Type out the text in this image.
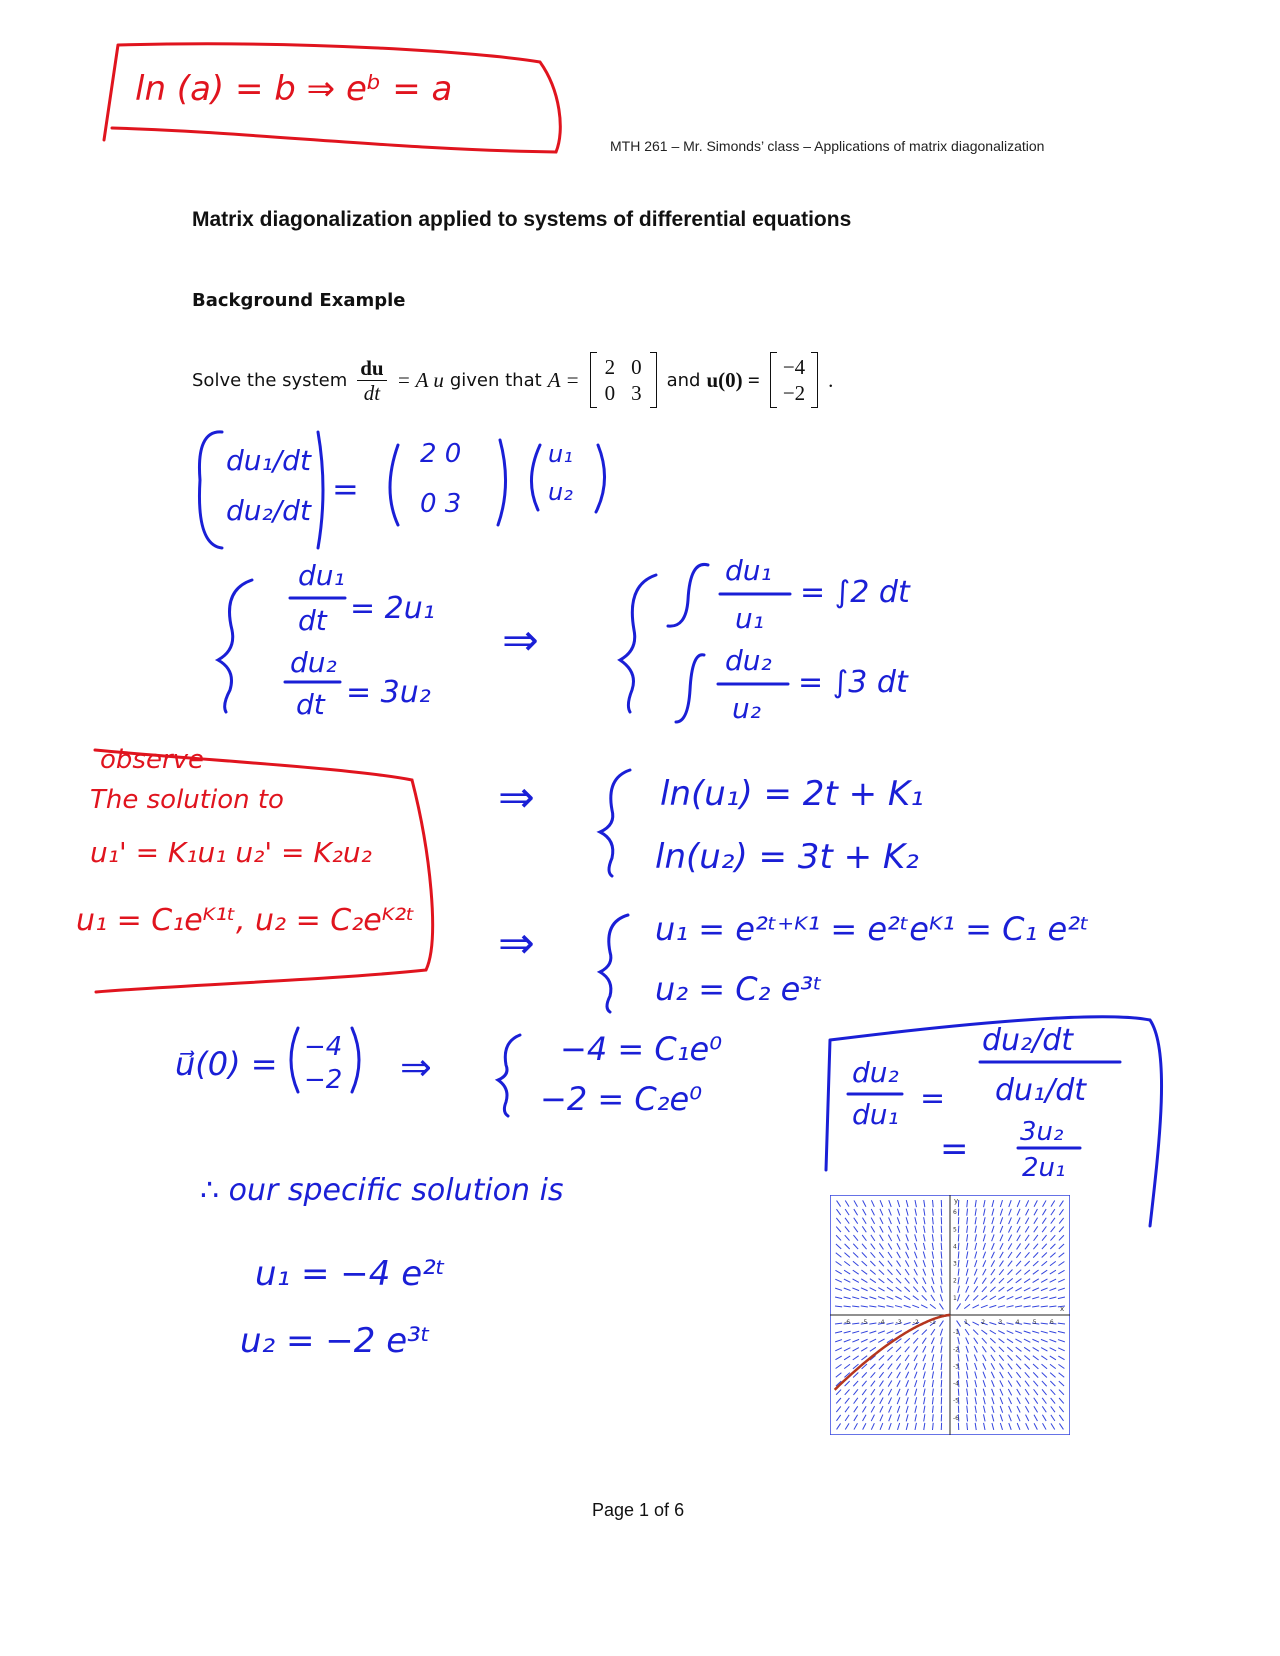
MTH 261 – Mr. Simonds’ class – Applications of matrix diagonalization
Matrix diagonalization applied to systems of differential equations
Background Example
Solve the system $\frac{du}{dt} = A$ u given that A =
2 0
0 3
and u(0) =
−4
−2
.
ln (a) = b ⇒ eᵇ = a
du₁/dt
du₂/dt
=
2 0
0 3
u₁
u₂
du₁
dt = 2u₁
du₂
dt = 3u₂
⇒
du₁
u₁
= ∫2 dt
du₂
u₂
= ∫3 dt
⇒	ln(u₁) = 2t + K₁
ln(u₂) = 3t + K₂
⇒	u₁ = e²ᵗ⁺ᴷ¹ = e²ᵗeᴷ¹ = C₁ e²ᵗ
u₂ = C₂ e³ᵗ
u⃗(0) = −4
−2 ⇒	−4 = C₁e⁰
−2 = C₂e⁰
∴ our specific solution is
u₁ = −4 e²ᵗ
u₂ = −2 e³ᵗ
du₂
du₁ =
du₂/dt
du₁/dt
= 3u₂
2u₁
observe
The solution to
u₁' = K₁u₁ u₂' = K₂u₂
u₁ = C₁eᴷ¹ᵗ, u₂ = C₂eᴷ²ᵗ
1
1
2
2
3
3
4
4
5
5
6
6
-1
-1
-2
-2
-3
-3
-4
-4
-5
-5
-6
-6
x
y
Page 1 of 6
